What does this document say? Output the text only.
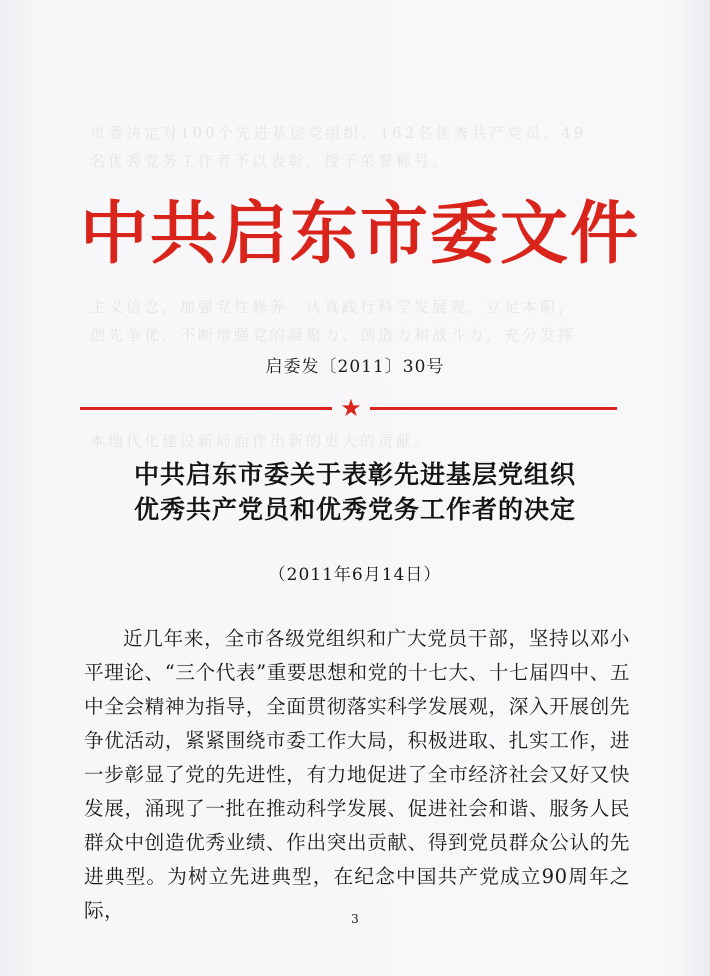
市委决定对100个先进基层党组织、162名优秀共产党员、49
名优秀党务工作者予以表彰，授予荣誉称号。
主义信念，加强党性修养，认真践行科学发展观，立足本职，
创先争优，不断增强党的凝聚力、创造力和战斗力，充分发挥
本地代化建设新局面作出新的更大的贡献。
中共启东市委文件
启委发〔2011〕30号
★
中共启东市委关于表彰先进基层党组织
优秀共产党员和优秀党务工作者的决定
（2011年6月14日）
近几年来，全市各级党组织和广大党员干部，坚持以邓小平理论、“三个代表”重要思想和党的十七大、十七届四中、五中全会精神为指导，全面贯彻落实科学发展观，深入开展创先争优活动，紧紧围绕市委工作大局，积极进取、扎实工作，进一步彰显了党的先进性，有力地促进了全市经济社会又好又快发展，涌现了一批在推动科学发展、促进社会和谐、服务人民群众中创造优秀业绩、作出突出贡献、得到党员群众公认的先进典型。为树立先进典型，在纪念中国共产党成立90周年之际，	3
